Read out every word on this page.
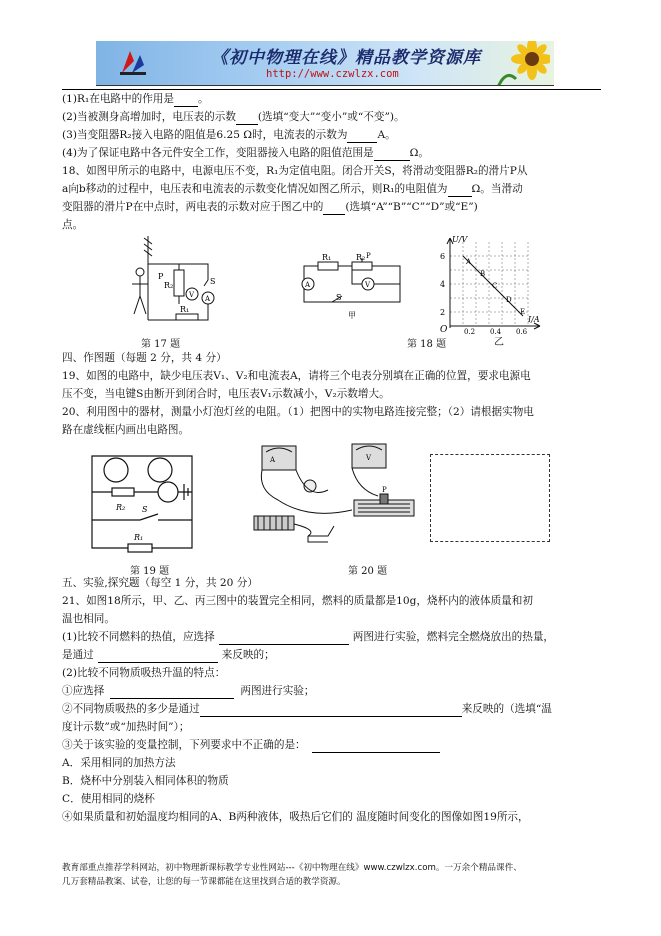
《初中物理在线》精品教学资源库
http://www.czwlzx.com
(1)R₁在电路中的作用是 。
(2)当被测身高增加时，电压表的示数 (选填“变大”“变小”或“不变”)。
(3)当变阻器R₂接入电路的阻值是6.25 Ω时，电流表的示数为	A。
(4)为了保证电路中各元件安全工作，变阻器接入电路的阻值范围是	Ω。
18、如图甲所示的电路中，电源电压不变，R₁为定值电阻。闭合开关S，将滑动变阻器R₂的滑片P从
a向b移动的过程中，电压表和电流表的示数变化情况如图乙所示，则R₁的电阻值为 Ω。当滑动
变阻器的滑片P在中点时，两电表的示数对应于图乙中的 (选填“A”“B”“C”“D”或“E”)
点。
P
R₂
V A
S
R₁
R₁	R₂ P
A	V
S
甲
U/V
I/A
O
6
4
2
0.2 0.4 0.6
A
B
C
D
E
乙
第 17 题	第 18 题
四、作图题（每题 2 分，共 4 分）
19、如图的电路中，缺少电压表V₁、V₂和电流表A，请将三个电表分别填在正确的位置，要求电源电
压不变，当电键S由断开到闭合时，电压表V₁示数减小，V₂示数增大。
20、利用图中的器材，测量小灯泡灯丝的电阻。（1）把图中的实物电路连接完整；（2）请根据实物电
路在虚线框内画出电路图。
R₂ S
R₁
A	V
P
第 19 题	第 20 题
五、实验,探究题（每空 1 分，共 20 分）
21、如图18所示，甲、乙、丙三图中的装置完全相同，燃料的质量都是10g，烧杯内的液体质量和初
温也相同。
(1)比较不同燃料的热值，应选择	两图进行实验，燃料完全燃烧放出的热量，
是通过	来反映的；
(2)比较不同物质吸热升温的特点：
①应选择	两图进行实验；
②不同物质吸热的多少是通过	来反映的（选填“温
度计示数”或“加热时间”）；
③关于该实验的变量控制，下列要求中不正确的是：
A．采用相同的加热方法
B．烧杯中分别装入相同体积的物质
C．使用相同的烧杯
④如果质量和初始温度均相同的A、B两种液体，吸热后它们的 温度随时间变化的图像如图19所示，
教育部重点推荐学科网站，初中物理新课标教学专业性网站---《初中物理在线》www.czwlzx.com。一万余个精品课件、
几万套精品教案、试卷，让您的每一节课都能在这里找到合适的教学资源。
